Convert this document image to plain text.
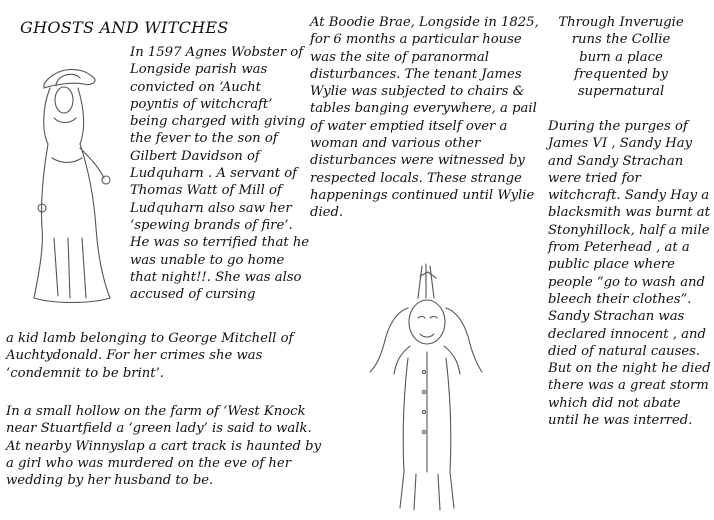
GHOSTS AND WITCHES

In 1597 Agnes Wobster of Longside parish was convicted on ‘Aucht poyntis of witchcraft’ being charged with giving the fever to the son of Gilbert Davidson of Ludquharn . A servant of Thomas Watt of Mill of Ludquharn also saw her ‘spewing brands of fire’. He was so terrified that he was unable to go home that night!!. She was also accused of cursing

a kid lamb belonging to George Mitchell of Auchtydonald. For her crimes she was ‘condemnit to be brint’.

In a small hollow on the farm of ‘West Knock near Stuartfield a ‘green lady’ is said to walk. At nearby Winnyslap a cart track is haunted by a girl who was murdered on the eve of her wedding by her husband to be.

At Boodie Brae, Longside in 1825, for 6 months a particular house was the site of paranormal disturbances. The tenant James Wylie was subjected to chairs & tables banging everywhere, a pail of water emptied itself over a woman and various other disturbances were witnessed by respected locals. These strange happenings continued until Wylie died.

Through Inverugie runs the Collie burn a place frequented by supernatural

During the purges of James VI , Sandy Hay and Sandy Strachan were tried for witchcraft. Sandy Hay a blacksmith was burnt at Stonyhillock, half a mile from Peterhead , at a public place where people “go to wash and bleech their clothes”. Sandy Strachan was declared innocent , and died of natural causes. But on the night he died there was a great storm which did not abate until he was interred.
